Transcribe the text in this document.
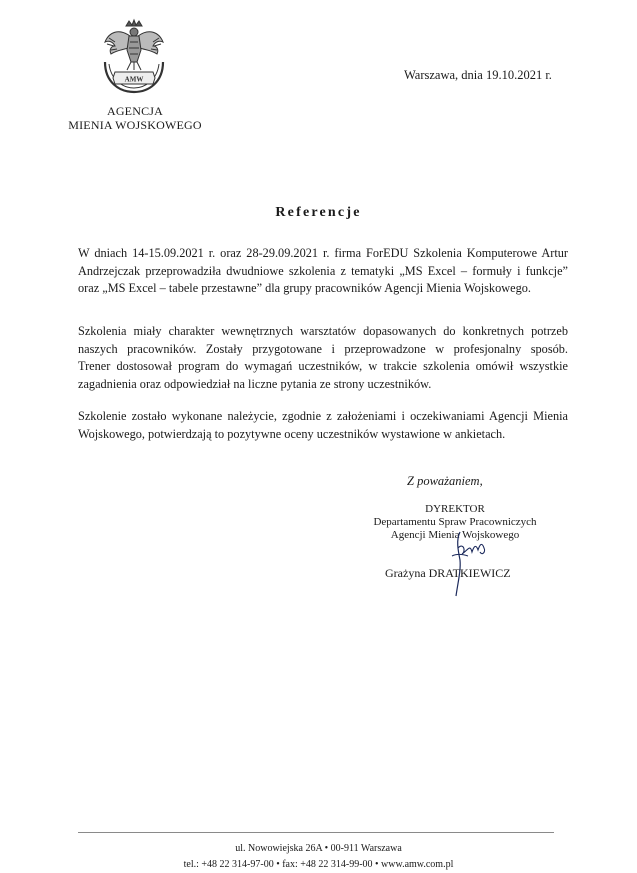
AMW
AGENCJA
MIENIA WOJSKOWEGO
Warszawa, dnia 19.10.2021 r.
Referencje
W dniach 14-15.09.2021 r. oraz 28-29.09.2021 r. firma ForEDU Szkolenia Komputerowe Artur
Andrzejczak przeprowadziła dwudniowe szkolenia z tematyki „MS Excel – formuły i funkcje”
oraz „MS Excel – tabele przestawne” dla grupy pracowników Agencji Mienia Wojskowego.
Szkolenia miały charakter wewnętrznych warsztatów dopasowanych do konkretnych potrzeb
naszych pracowników. Zostały przygotowane i przeprowadzone w profesjonalny sposób.
Trener dostosował program do wymagań uczestników, w trakcie szkolenia omówił wszystkie
zagadnienia oraz odpowiedział na liczne pytania ze strony uczestników.
Szkolenie zostało wykonane należycie, zgodnie z założeniami i oczekiwaniami Agencji Mienia
Wojskowego, potwierdzają to pozytywne oceny uczestników wystawione w ankietach.
Z poważaniem,
DYREKTOR
Departamentu Spraw Pracowniczych
Agencji Mienia Wojskowego
Grażyna DRATKIEWICZ
ul. Nowowiejska 26A • 00-911 Warszawa
tel.: +48 22 314-97-00 • fax: +48 22 314-99-00 • www.amw.com.pl
